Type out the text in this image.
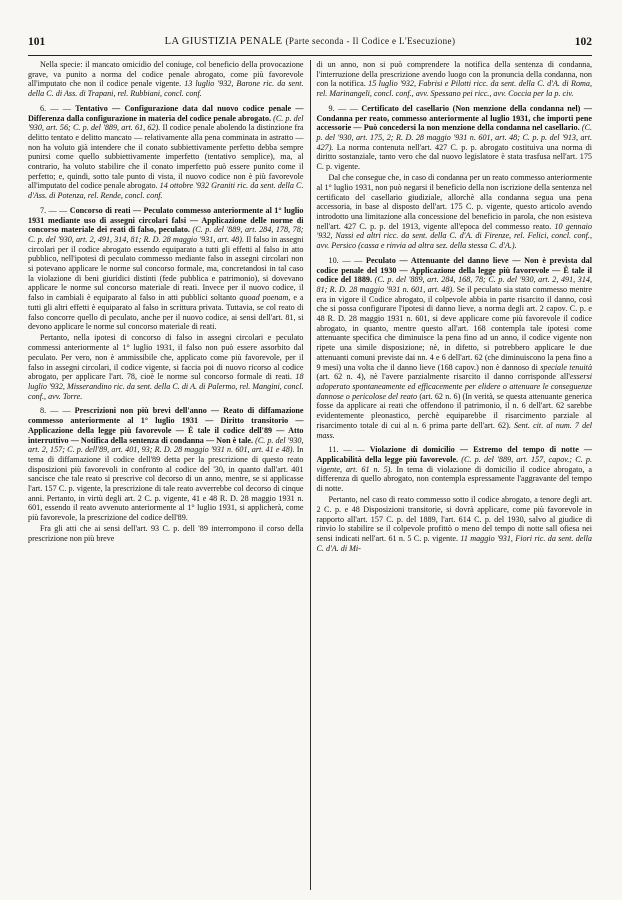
101	LA GIUSTIZIA PENALE (Parte seconda - Il Codice e L'Esecuzione)	102

Nella specie: il mancato omicidio del coniuge, col beneficio della provocazione grave, va punito a norma del codice penale abrogato, come più favorevole all'imputato che non il codice penale vigente. 13 luglio '932, Barone ric. da sent. della C. di Ass. di Trapani, rel. Rubbiani, concl. conf.

6. — — Tentativo — Configurazione data dal nuovo codice penale — Differenza dalla configurazione in materia del codice penale abrogato. (C. p. del '930, art. 56; C. p. del '889, art. 61, 62). Il codice penale abolendo la distinzione fra delitto tentato e delitto mancato — relativamente alla pena comminata in astratto — non ha voluto già intendere che il conato subbiettivamente perfetto debba sempre punirsi come quello subbiettivamente imperfetto (tentativo semplice), ma, al contrario, ha voluto stabilire che il conato imperfetto può essere punito come il perfetto; e, quindi, sotto tale punto di vista, il nuovo codice non è più favorevole all'imputato del codice penale abrogato. 14 ottobre '932 Graniti ric. da sent. della C. d'Ass. di Potenza, rel. Rende, concl. conf.

7. — — Concorso di reati — Peculato commesso anteriormente al 1° luglio 1931 mediante uso di assegni circolari falsi — Applicazione delle norme di concorso materiale dei reati di falso, peculato. (C. p. del '889, art. 284, 178, 78; C. p. del '930, art. 2, 491, 314, 81; R. D. 28 maggio '931, art. 48). Il falso in assegni circolari per il codice abrogato essendo equiparato a tutti gli effetti al falso in atto pubblico, nell'ipotesi di peculato commesso mediante falso in assegni circolari non si potevano applicare le norme sul concorso formale, ma, concretandosi in tal caso la violazione di beni giuridici distinti (fede pubblica e patrimonio), si dovevano applicare le norme sul concorso materiale di reati. Invece per il nuovo codice, il falso in cambiali è equiparato al falso in atti pubblici soltanto quoad poenam, e a tutti gli altri effetti è equiparato al falso in scrittura privata. Tuttavia, se col reato di falso concorre quello di peculato, anche per il nuovo codice, ai sensi dell'art. 81, si devono applicare le norme sul concorso materiale di reati.

Pertanto, nella ipotesi di concorso di falso in assegni circolari e peculato commessi anteriormente al 1° luglio 1931, il falso non può essere assorbito dal peculato. Per vero, non è ammissibile che, applicato come più favorevole, per il falso in assegni circolari, il codice vigente, si faccia poi di nuovo ricorso al codice abrogato, per applicare l'art. 78, cioè le norme sul concorso formale di reati. 18 luglio '932, Misserandino ric. da sent. della C. di A. di Palermo, rel. Mangini, concl. conf., avv. Torre.

8. — — Prescrizioni non più brevi dell'anno — Reato di diffamazione commesso anteriormente al 1° luglio 1931 — Diritto transitorio — Applicazione della legge più favorevole — È tale il codice dell'89 — Atto interruttivo — Notifica della sentenza di condanna — Non è tale. (C. p. del '930, art. 2, 157; C. p. dell'89, art. 401, 93; R. D. 28 maggio '931 n. 601, art. 41 e 48). In tema di diffamazione il codice dell'89 detta per la prescrizione di questo reato disposizioni più favorevoli in confronto al codice del '30, in quanto dall'art. 401 sancisce che tale reato si prescrive col decorso di un anno, mentre, se si applicasse l'art. 157 C. p. vigente, la prescrizione di tale reato avverrebbe col decorso di cinque anni. Pertanto, in virtù degli art. 2 C. p. vigente, 41 e 48 R. D. 28 maggio 1931 n. 601, essendo il reato avvenuto anteriormente al 1° luglio 1931, si applicherà, come più favorevole, la prescrizione del codice dell'89.

Fra gli atti che ai sensi dell'art. 93 C. p. dell '89 interrompono il corso della prescrizione non più breve

di un anno, non si può comprendere la notifica della sentenza di condanna, l'interruzione della prescrizione avendo luogo con la pronuncia della condanna, non con la notifica. 15 luglio '932, Fabrisi e Pilotti ricc. da sent. della C. d'A. di Roma, rel. Marinangeli, concl. conf., avv. Spessano pei ricc., avv. Coccia per la p. civ.

9. — — Certificato del casellario (Non menzione della condanna nel) — Condanna per reato, commesso anteriormente al luglio 1931, che importi pene accessorie — Può concedersi la non menzione della condanna nel casellario. (C. p. del '930, art. 175, 2; R. D. 28 maggio '931 n. 601, art. 48; C. p. p. del '913, art. 427). La norma contenuta nell'art. 427 C. p. p. abrogato costituiva una norma di diritto sostanziale, tanto vero che dal nuovo legislatore è stata trasfusa nell'art. 175 C. p. vigente.

Dal che consegue che, in caso di condanna per un reato commesso anteriormente al 1° luglio 1931, non può negarsi il beneficio della non iscrizione della sentenza nel certificato del casellario giudiziale, allorchè alla condanna segua una pena accessoria, in base al disposto dell'art. 175 C. p. vigente, questo articolo avendo introdotto una limitazione alla concessione del beneficio in parola, che non esisteva nell'art. 427 C. p. p. del 1913, vigente all'epoca del commesso reato. 10 gennaio '932, Nassi ed altri ricc. da sent. della C. d'A. di Firenze, rel. Felici, concl. conf., avv. Persico (cassa e rinvia ad altra sez. della stessa C. d'A.).

10. — — Peculato — Attenuante del danno lieve — Non è prevista dal codice penale del 1930 — Applicazione della legge più favorevole — È tale il codice del 1889. (C. p. del '889, art. 284, 168, 78; C. p. del '930, art. 2, 491, 314, 81; R. D. 28 maggio '931 n. 601, art. 48). Se il peculato sia stato commesso mentre era in vigore il Codice abrogato, il colpevole abbia in parte risarcito il danno, così che si possa configurare l'ipotesi di danno lieve, a norma degli art. 2 capov. C. p. e 48 R. D. 28 maggio 1931 n. 601, si deve applicare come più favorevole il codice abrogato, in quanto, mentre questo all'art. 168 contempla tale ipotesi come attenuante specifica che diminuisce la pena fino ad un anno, il codice vigente non ripete una simile disposizione; nè, in difetto, si potrebbero applicare le due attenuanti comuni previste dai nn. 4 e 6 dell'art. 62 (che diminuiscono la pena fino a 9 mesi) una volta che il danno lieve (168 capov.) non è dannoso di speciale tenuità (art. 62 n. 4), nè l'avere parzialmente risarcito il danno corrisponde all'essersi adoperato spontaneamente ed efficacemente per elidere o attenuare le conseguenze dannose o pericolose del reato (art. 62 n. 6) (In verità, se questa attenuante generica fosse da applicare ai reati che offendono il patrimonio, il n. 6 dell'art. 62 sarebbe evidentemente pleonastico, perchè equiparebbe il risarcimento parziale al risarcimento totale di cui al n. 6 prima parte dell'art. 62). Sent. cit. al num. 7 del mass.

11. — — Violazione di domicilio — Estremo del tempo di notte — Applicabilità della legge più favorevole. (C. p. del '889, art. 157, capov.; C. p. vigente, art. 61 n. 5). In tema di violazione di domicilio il codice abrogato, a differenza di quello abrogato, non contempla espressamente l'aggravante del tempo di notte.

Pertanto, nel caso di reato commesso sotto il codice abrogato, a tenore degli art. 2 C. p. e 48 Disposizioni transitorie, si dovrà applicare, come più favorevole in rapporto all'art. 157 C. p. del 1889, l'art. 614 C. p. del 1930, salvo al giudice di rinvio lo stabilire se il colpevole profittò o meno del tempo di notte sall ofiesa nei sensi indicati nell'art. 61 n. 5 C. p. vigente. 11 maggio '931, Fiori ric. da sent. della C. d'A. di Mi-
